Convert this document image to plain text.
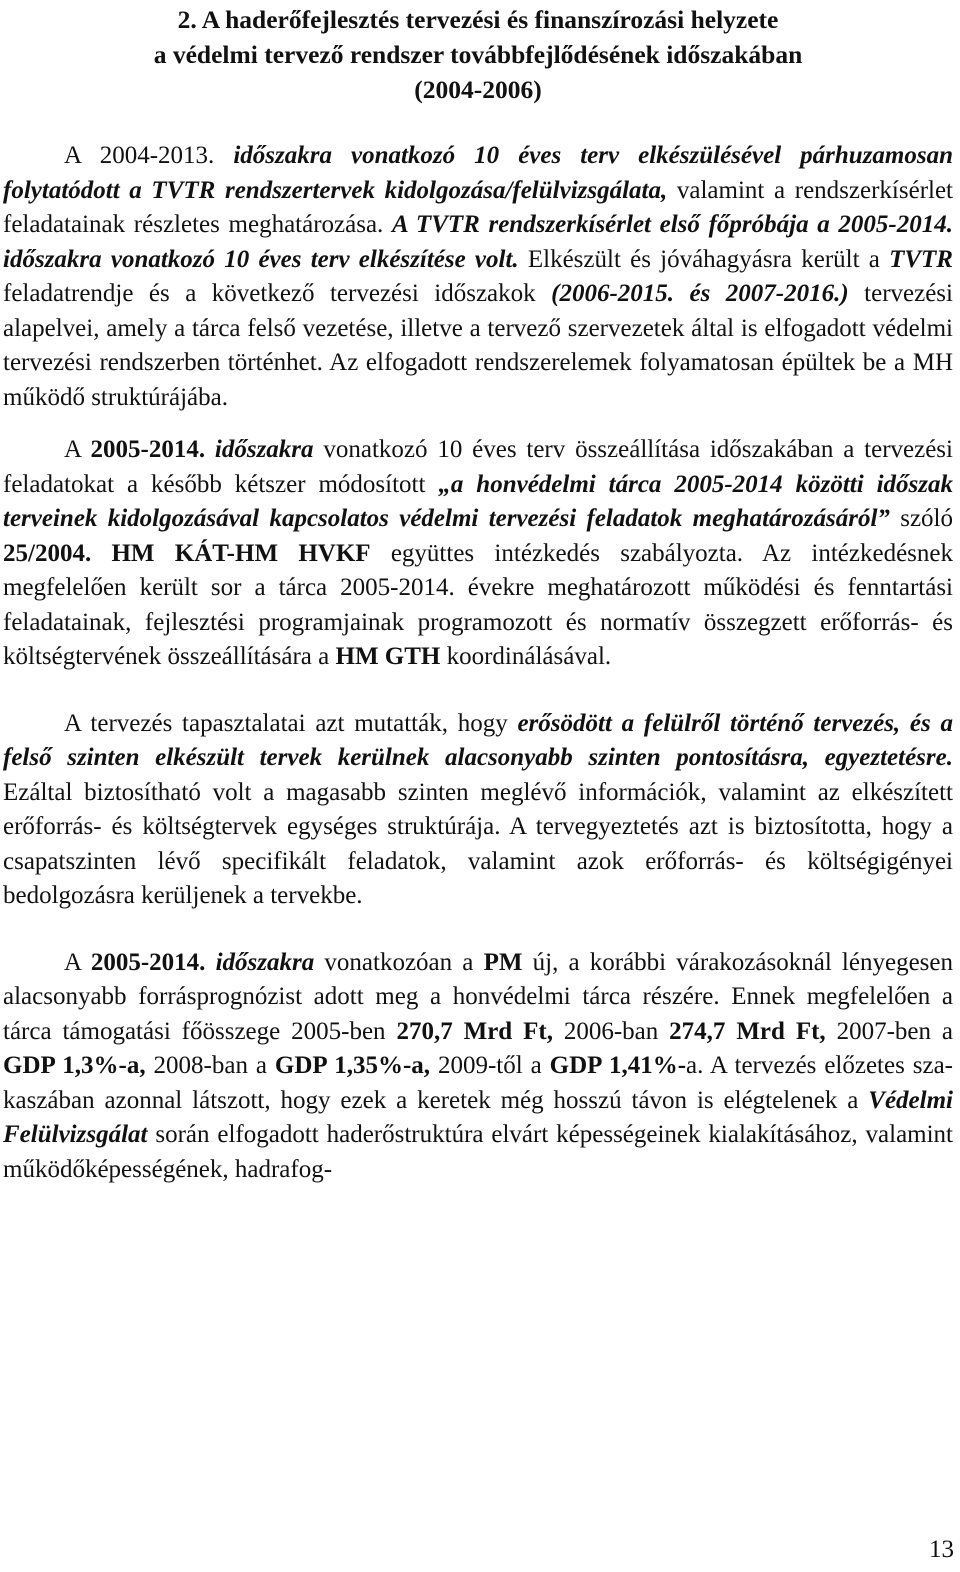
2. A haderőfejlesztés tervezési és finanszírozási helyzete
a védelmi tervező rendszer továbbfejlődésének időszakában
(2004-2006)

A 2004-2013. időszakra vonatkozó 10 éves terv elkészülésével párhuzamosan folytatódott a TVTR rendszertervek kidolgozása/felülvizsgálata, valamint a rendszerkísérlet feladatainak részletes meghatározása. A TVTR rendszerkísérlet első főpróbája a 2005-2014. időszakra vonatkozó 10 éves terv elkészítése volt. Elkészült és jóváhagyásra került a TVTR feladatrendje és a következő tervezési időszakok (2006-2015. és 2007-2016.) tervezési alapelvei, amely a tárca felső vezetése, illetve a tervező szervezetek által is elfogadott védelmi tervezési rendszerben történhet. Az elfogadott rendszerelemek folyamatosan épültek be a MH működő struktúrájába.

A 2005-2014. időszakra vonatkozó 10 éves terv összeállítása időszakában a tervezési feladatokat a később kétszer módosított „a honvédelmi tárca 2005-2014 közötti időszak terveinek kidolgozásával kapcsolatos védelmi tervezési feladatok meghatározásáról” szóló 25/2004. HM KÁT-HM HVKF együttes intézkedés szabályozta. Az intézkedésnek megfelelően került sor a tárca 2005-2014. évekre meghatározott működési és fenntartási feladatainak, fejlesztési programjainak programozott és normatív összegzett erőforrás- és költségtervének összeállítására a HM GTH koordinálásával.

A tervezés tapasztalatai azt mutatták, hogy erősödött a felülről történő tervezés, és a felső szinten elkészült tervek kerülnek alacsonyabb szinten pontosításra, egyeztetésre. Ezáltal biztosítható volt a magasabb szinten meglévő információk, valamint az elkészített erőforrás- és költségtervek egységes struktúrája. A tervegyeztetés azt is biztosította, hogy a csapatszinten lévő specifikált feladatok, valamint azok erőforrás- és költségigényei bedolgozásra kerüljenek a tervekbe.

A 2005-2014. időszakra vonatkozóan a PM új, a korábbi várakozásoknál lényegesen alacsonyabb forrásprognózist adott meg a honvédelmi tárca részére. Ennek megfelelően a tárca támogatási főösszege 2005-ben 270,7 Mrd Ft, 2006-ban 274,7 Mrd Ft, 2007-ben a GDP 1,3%-a, 2008-ban a GDP 1,35%-a, 2009-től a GDP 1,41%-a. A tervezés előzetes szakaszában azonnal látszott, hogy ezek a keretek még hosszú távon is elégtelenek a Védelmi Felülvizsgálat során elfogadott haderőstruktúra elvárt képességeinek kialakításához, valamint működőképességének, hadrafog-

13
